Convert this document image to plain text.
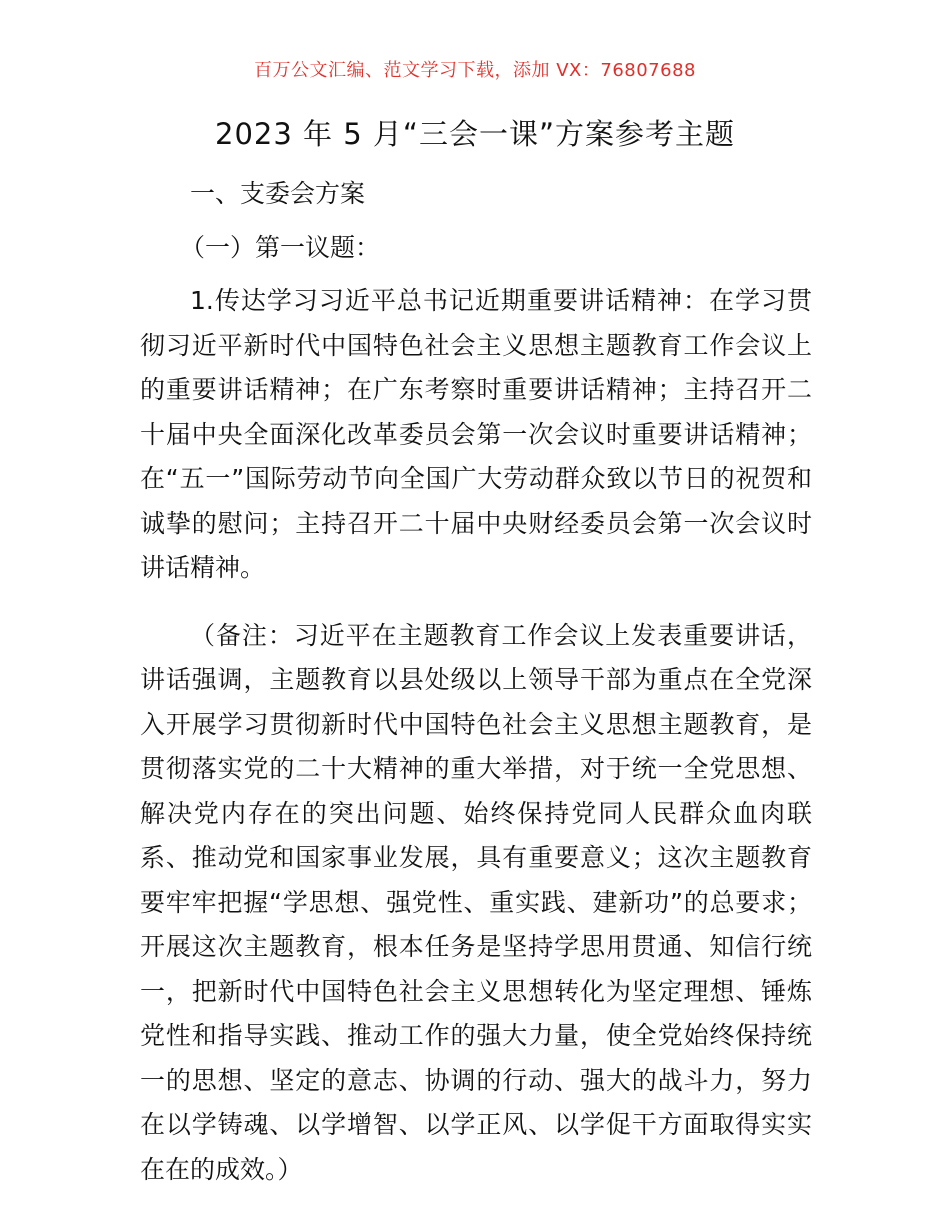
百万公文汇编、范文学习下载，添加 VX：76807688
2023 年 5 月“三会一课”方案参考主题

一、支委会方案

（一）第一议题：

1.传达学习习近平总书记近期重要讲话精神：在学习贯彻习近平新时代中国特色社会主义思想主题教育工作会议上的重要讲话精神；在广东考察时重要讲话精神；主持召开二十届中央全面深化改革委员会第一次会议时重要讲话精神；在“五一”国际劳动节向全国广大劳动群众致以节日的祝贺和诚挚的慰问；主持召开二十届中央财经委员会第一次会议时讲话精神。

（备注：习近平在主题教育工作会议上发表重要讲话，讲话强调，主题教育以县处级以上领导干部为重点在全党深入开展学习贯彻新时代中国特色社会主义思想主题教育，是贯彻落实党的二十大精神的重大举措，对于统一全党思想、解决党内存在的突出问题、始终保持党同人民群众血肉联系、推动党和国家事业发展，具有重要意义；这次主题教育要牢牢把握“学思想、强党性、重实践、建新功”的总要求；开展这次主题教育，根本任务是坚持学思用贯通、知信行统一，把新时代中国特色社会主义思想转化为坚定理想、锤炼党性和指导实践、推动工作的强大力量，使全党始终保持统一的思想、坚定的意志、协调的行动、强大的战斗力，努力在以学铸魂、以学增智、以学正风、以学促干方面取得实实在在的成效。）
